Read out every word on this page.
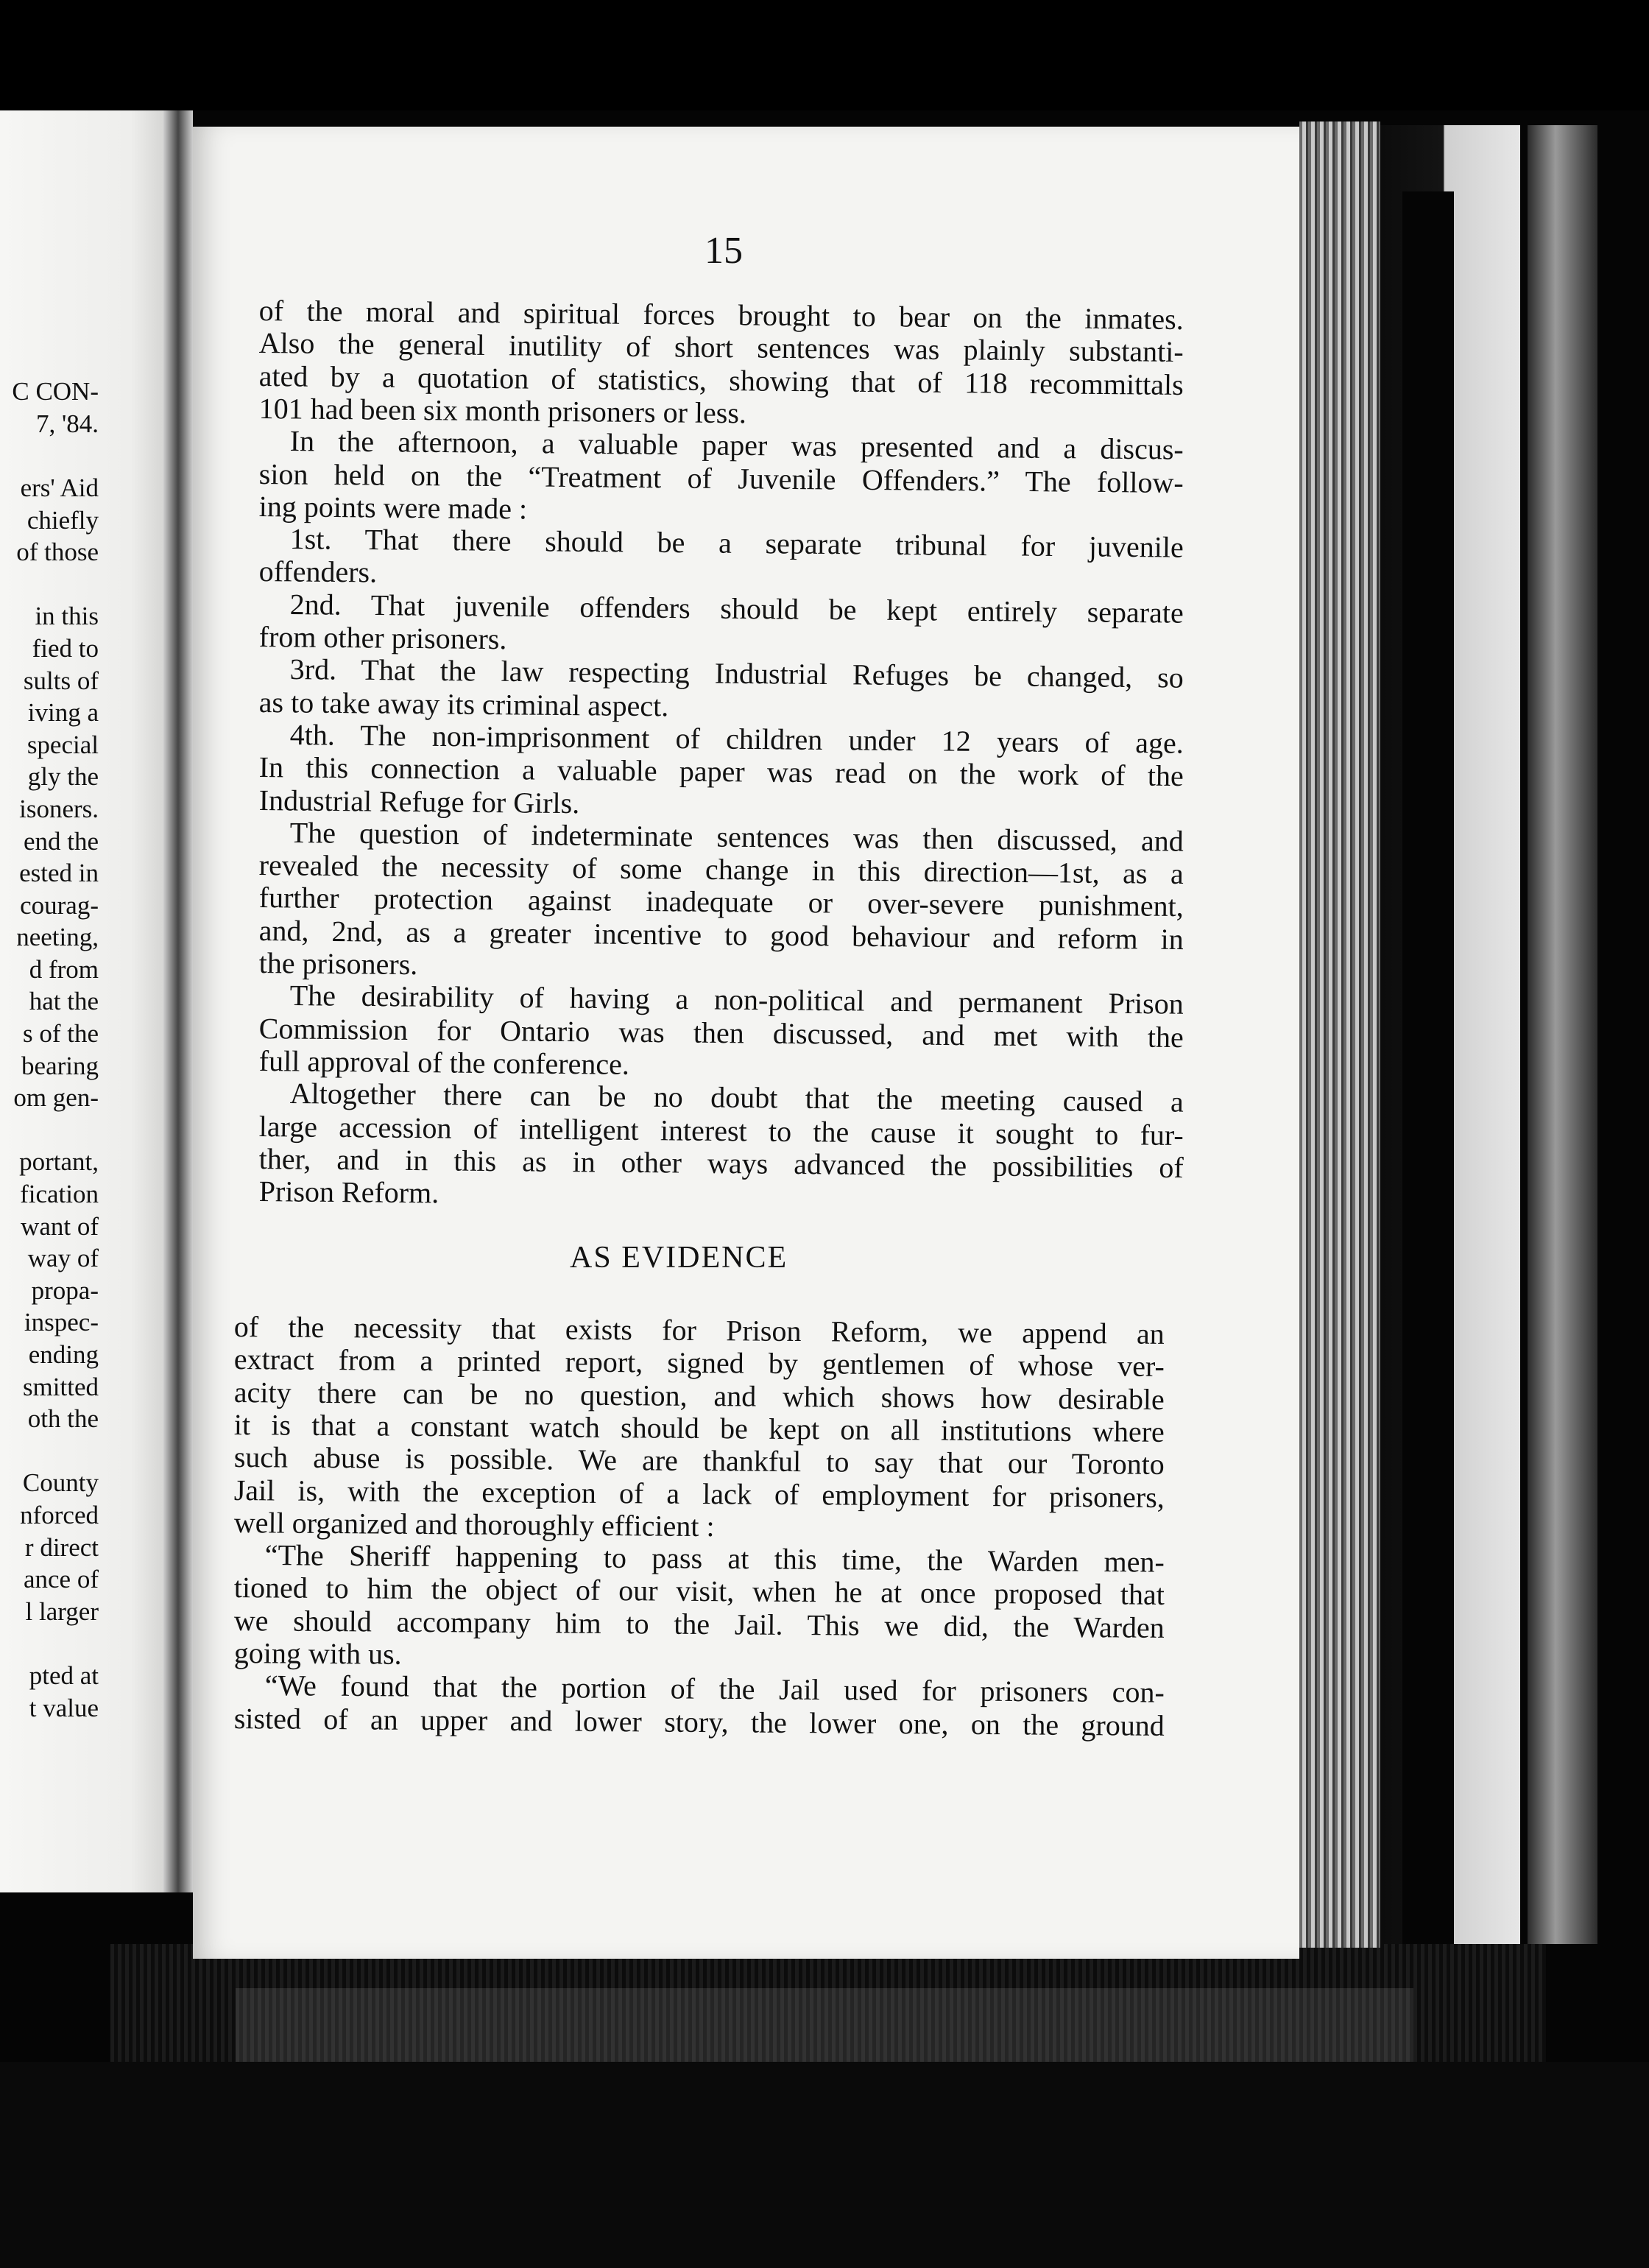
C CON-
7, '84.
ers' Aid
chiefly
of those
in this
fied to
sults of
iving a
special
gly the
isoners.
end the
ested in
courag-
neeting,
d from
hat the
s of the
bearing
om gen-
portant,
fication
want of
way of
propa-
inspec-
ending
smitted
oth the
County
nforced
r direct
ance of
l larger
pted at
t value
15
of the moral and spiritual forces brought to bear on the inmates.
Also the general inutility of short sentences was plainly substanti-
ated by a quotation of statistics, showing that of 118 recommittals
101 had been six month prisoners or less.
In the afternoon, a valuable paper was presented and a discus-
sion held on the “Treatment of Juvenile Offenders.” The follow-
ing points were made :
1st. That there should be a separate tribunal for juvenile
offenders.
2nd. That juvenile offenders should be kept entirely separate
from other prisoners.
3rd. That the law respecting Industrial Refuges be changed, so
as to take away its criminal aspect.
4th. The non-imprisonment of children under 12 years of age.
In this connection a valuable paper was read on the work of the
Industrial Refuge for Girls.
The question of indeterminate sentences was then discussed, and
revealed the necessity of some change in this direction—1st, as a
further protection against inadequate or over-severe punishment,
and, 2nd, as a greater incentive to good behaviour and reform in
the prisoners.
The desirability of having a non-political and permanent Prison
Commission for Ontario was then discussed, and met with the
full approval of the conference.
Altogether there can be no doubt that the meeting caused a
large accession of intelligent interest to the cause it sought to fur-
ther, and in this as in other ways advanced the possibilities of
Prison Reform.
AS EVIDENCE
of the necessity that exists for Prison Reform, we append an
extract from a printed report, signed by gentlemen of whose ver-
acity there can be no question, and which shows how desirable
it is that a constant watch should be kept on all institutions where
such abuse is possible. We are thankful to say that our Toronto
Jail is, with the exception of a lack of employment for prisoners,
well organized and thoroughly efficient :
“The Sheriff happening to pass at this time, the Warden men-
tioned to him the object of our visit, when he at once proposed that
we should accompany him to the Jail. This we did, the Warden
going with us.
“We found that the portion of the Jail used for prisoners con-
sisted of an upper and lower story, the lower one, on the ground
